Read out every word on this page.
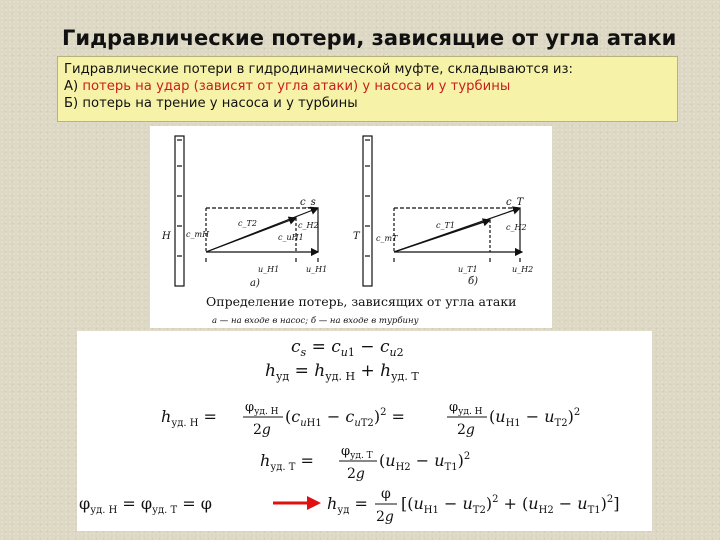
Гидравлические потери, зависящие от угла атаки
Гидравлические потери в гидродинамической муфте, складываются из:
А) потерь на удар (зависят от угла атаки) у насоса и у турбины
Б) потерь на трение у насоса и у турбины
H
c_s
c_T2
c_mH	c_uH1
c_H2
u_H1	u_H1
a)
T
c_T
c_T1
c_mT
c_H2
u_T1	u_H2
б)
Определение потерь, зависящих от угла атаки
а — на входе в насос; б — на входе в турбину
$c_s = c_u1 - c_u2$
$h_{уд} = h_{уд. Н} + h_{уд. Т}$
$h_{уд. Н} = \varphi_{уд. Н}$
2g
$(c_uН1 - c_uТ2)^2$ =	$\varphi_{уд. Н}$
2g
$(u_{Н1} - u_{Т2})^2$
$h_{уд. Т} = \varphi_{уд. Т}$
2g
$(u_{Н2} - u_{Т1})^2$
$\varphi_{уд. Н} = \varphi_{уд. Т} = \varphi$	$h_{уд} = \varphi$
2g
$[(u_{Н1} - u_{Т2})^2 + (u_{Н2} - u_{Т1})^2]$
